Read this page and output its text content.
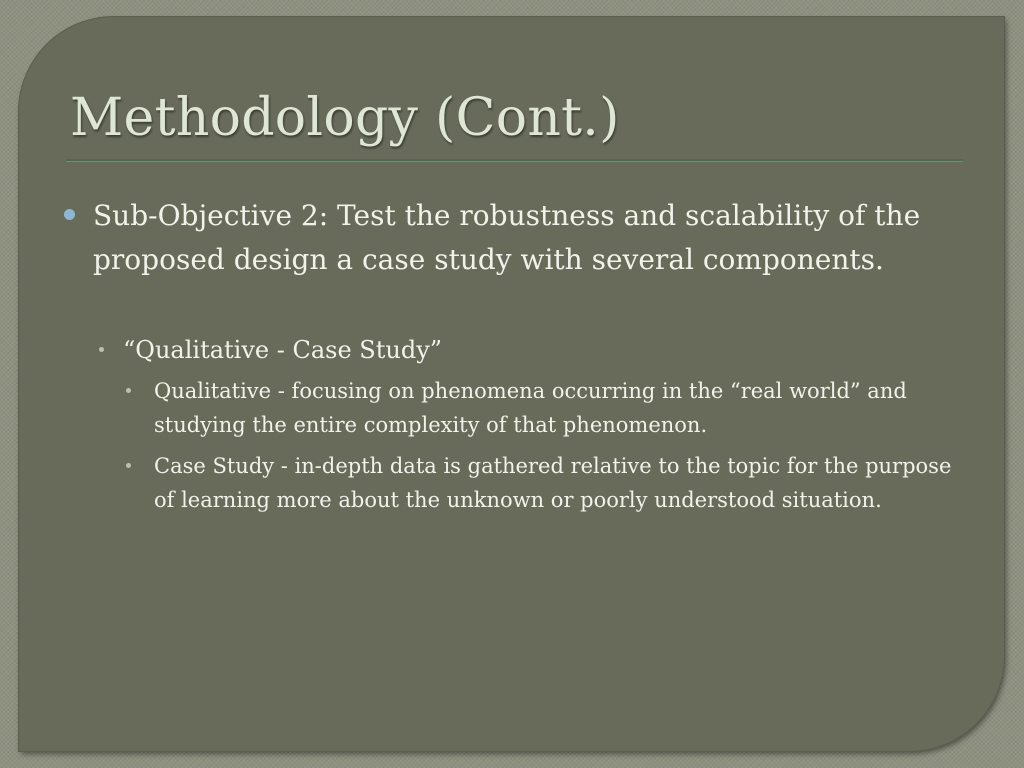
Methodology (Cont.)
Sub-Objective 2: Test the robustness and scalability of the proposed design a case study with several components.
“Qualitative - Case Study”
Qualitative - focusing on phenomena occurring in the “real world” and studying the entire complexity of that phenomenon.
Case Study - in-depth data is gathered relative to the topic for the purpose of learning more about the unknown or poorly understood situation.
